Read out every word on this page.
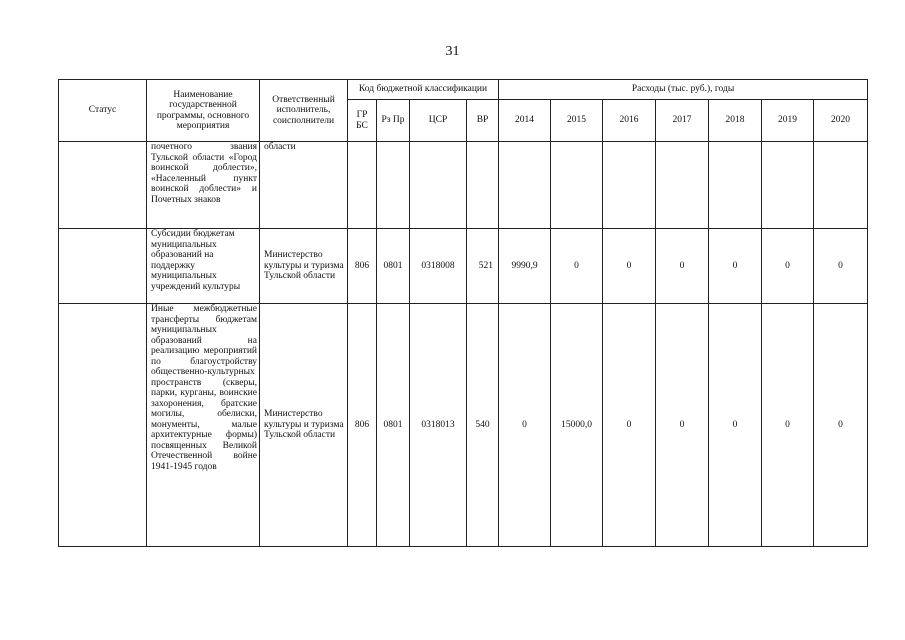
31
Статус	Наименование государственной программы, основного мероприятия	Ответственный исполнитель, соисполнители	Код бюджетной классификации				Расходы (тыс. руб.), годы						
			ГР БС	Рз Пр	ЦСР	ВР	2014	2015	2016	2017	2018	2019	2020

	почетного звания Тульской области «Город воинской доблести», «Населенный пункт воинской доблести» и Почетных знаков	области											

	Субсидии бюджетам муниципальных образований на поддержку муниципальных учреждений культуры	Министерство культуры и туризма Тульской области	806	0801	0318008	521	9990,9	0	0	0	0	0	0

	Иные межбюджетные трансферты бюджетам муниципальных образований на реализацию мероприятий по благоустройству общественно-культурных пространств (скверы, парки, курганы, воинские захоронения, братские могилы, обелиски, монументы, малые архитектурные формы) посвященных Великой Отечественной войне 1941-1945 годов	Министерство культуры и туризма Тульской области	806	0801	0318013	540	0	15000,0	0	0	0	0	0
